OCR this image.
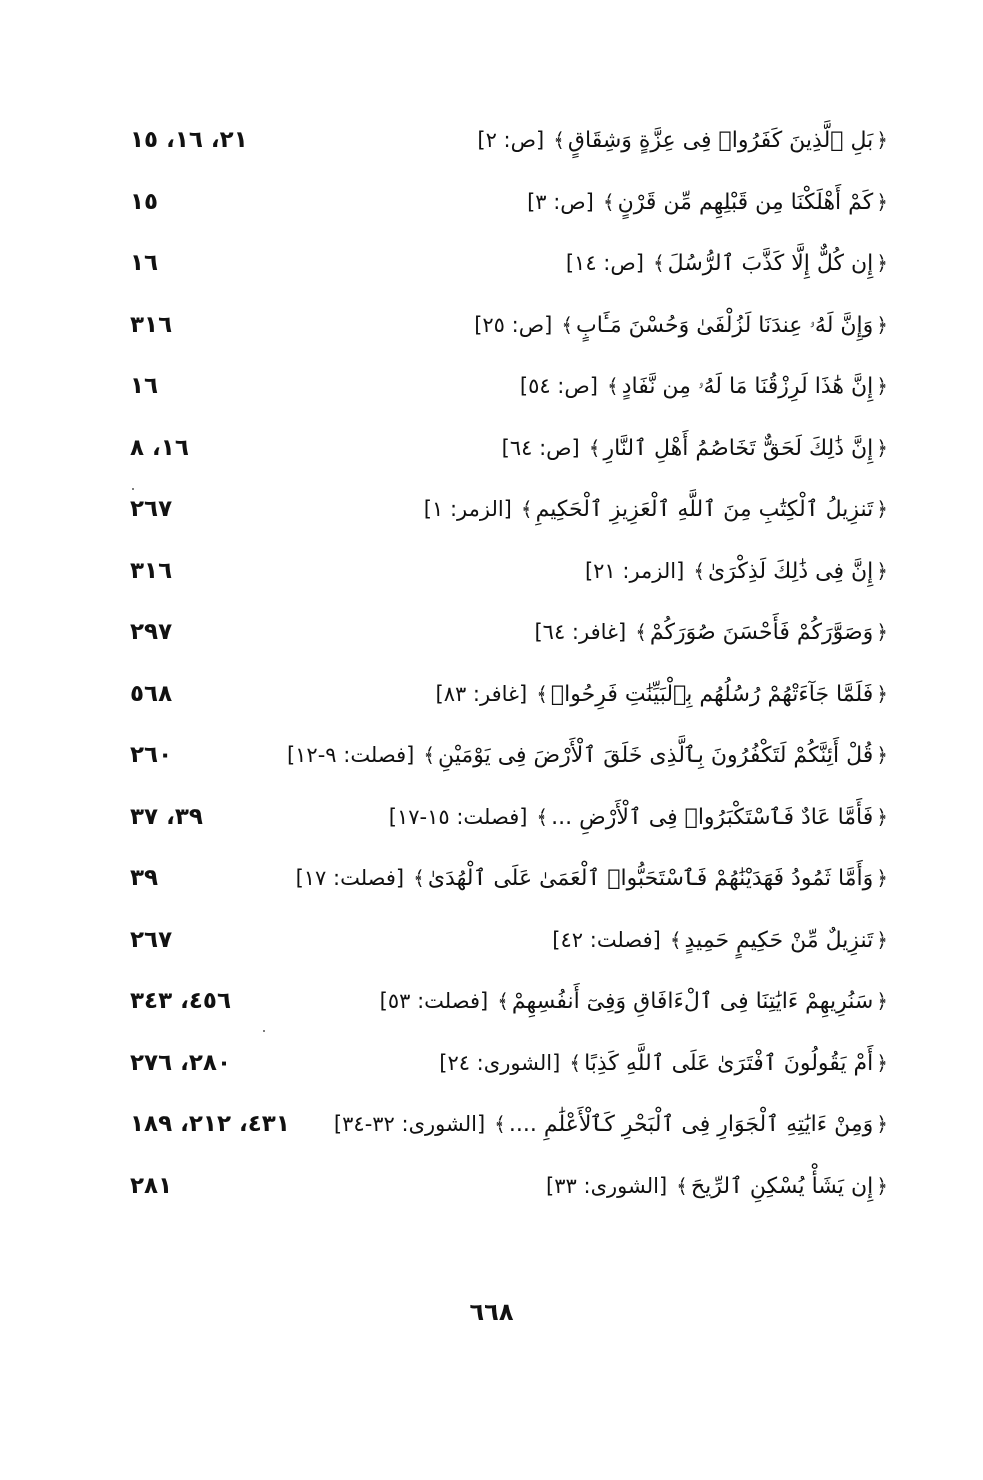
﴿بَلِ ٱلَّذِينَ كَفَرُوا۟ فِى عِزَّةٍ وَشِقَاقٍ﴾[ص: ٢]
٢١، ١٦، ١٥
﴿كَمْ أَهْلَكْنَا مِن قَبْلِهِم مِّن قَرْنٍ﴾[ص: ٣]
١٥
﴿إِن كُلٌّ إِلَّا كَذَّبَ ٱلرُّسُلَ﴾[ص: ١٤]
١٦
﴿وَإِنَّ لَهُۥ عِندَنَا لَزُلْفَىٰ وَحُسْنَ مَـَٔابٍ﴾[ص: ٢٥]
٣١٦
﴿إِنَّ هَٰذَا لَرِزْقُنَا مَا لَهُۥ مِن نَّفَادٍ﴾[ص: ٥٤]
١٦
﴿إِنَّ ذَٰلِكَ لَحَقٌّ تَخَاصُمُ أَهْلِ ٱلنَّارِ﴾[ص: ٦٤]
١٦، ٨
﴿تَنزِيلُ ٱلْكِتَٰبِ مِنَ ٱللَّهِ ٱلْعَزِيزِ ٱلْحَكِيمِ﴾[الزمر: ١]
٢٦٧
﴿إِنَّ فِى ذَٰلِكَ لَذِكْرَىٰ﴾[الزمر: ٢١]
٣١٦
﴿وَصَوَّرَكُمْ فَأَحْسَنَ صُوَرَكُمْ﴾[غافر: ٦٤]
٢٩٧
﴿فَلَمَّا جَآءَتْهُمْ رُسُلُهُم بِٱلْبَيِّنَٰتِ فَرِحُوا۟﴾[غافر: ٨٣]
٥٦٨
﴿قُلْ أَئِنَّكُمْ لَتَكْفُرُونَ بِٱلَّذِى خَلَقَ ٱلْأَرْضَ فِى يَوْمَيْنِ﴾[فصلت: ٩-١٢]
٢٦٠
﴿فَأَمَّا عَادٌ فَٱسْتَكْبَرُوا۟ فِى ٱلْأَرْضِ ...﴾[فصلت: ١٥-١٧]
٣٩، ٣٧
﴿وَأَمَّا ثَمُودُ فَهَدَيْنَٰهُمْ فَٱسْتَحَبُّوا۟ ٱلْعَمَىٰ عَلَى ٱلْهُدَىٰ﴾[فصلت: ١٧]
٣٩
﴿تَنزِيلٌ مِّنْ حَكِيمٍ حَمِيدٍ﴾[فصلت: ٤٢]
٢٦٧
﴿سَنُرِيهِمْ ءَايَٰتِنَا فِى ٱلْءَافَاقِ وَفِىٓ أَنفُسِهِمْ﴾[فصلت: ٥٣]
٤٥٦، ٣٤٣
﴿أَمْ يَقُولُونَ ٱفْتَرَىٰ عَلَى ٱللَّهِ كَذِبًا﴾[الشورى: ٢٤]
٢٨٠، ٢٧٦
﴿وَمِنْ ءَايَٰتِهِ ٱلْجَوَارِ فِى ٱلْبَحْرِ كَٱلْأَعْلَٰمِ ....﴾[الشورى: ٣٢-٣٤]
٤٣١، ٢١٢، ١٨٩
﴿إِن يَشَأْ يُسْكِنِ ٱلرِّيحَ﴾[الشورى: ٣٣]
٢٨١
٦٦٨
